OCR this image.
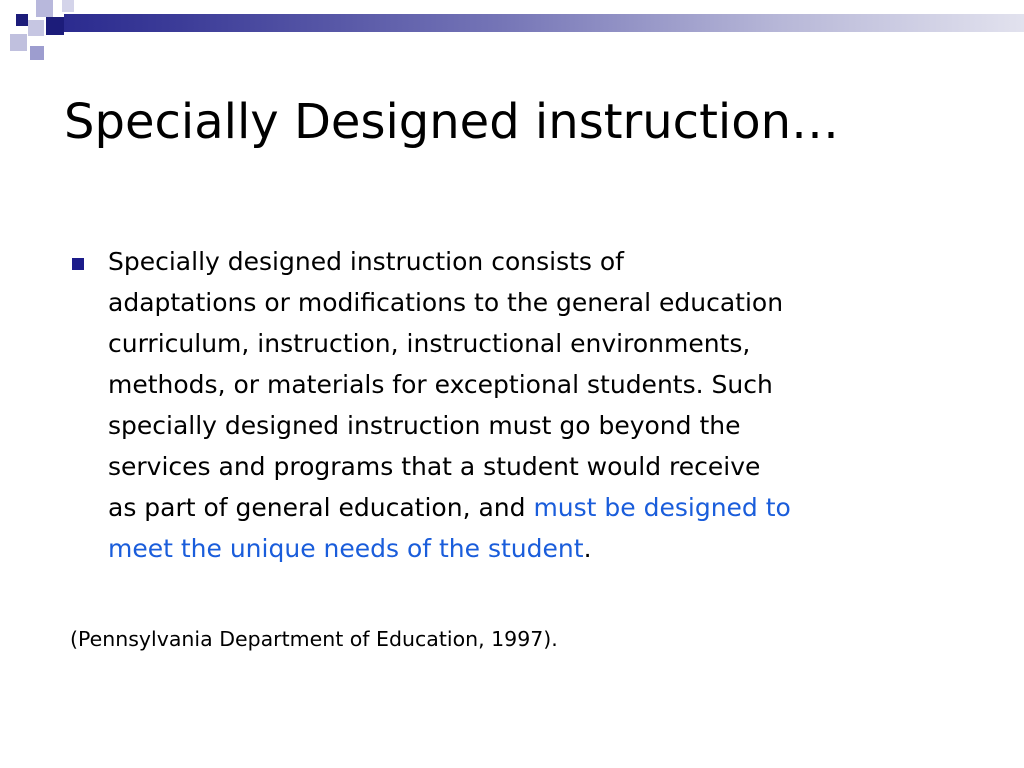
Specially Designed instruction…
Specially designed instruction consists of
adaptations or modifications to the general education
curriculum, instruction, instructional environments,
methods, or materials for exceptional students. Such
specially designed instruction must go beyond the
services and programs that a student would receive
as part of general education, and must be designed to
meet the unique needs of the student.
(Pennsylvania Department of Education, 1997).
